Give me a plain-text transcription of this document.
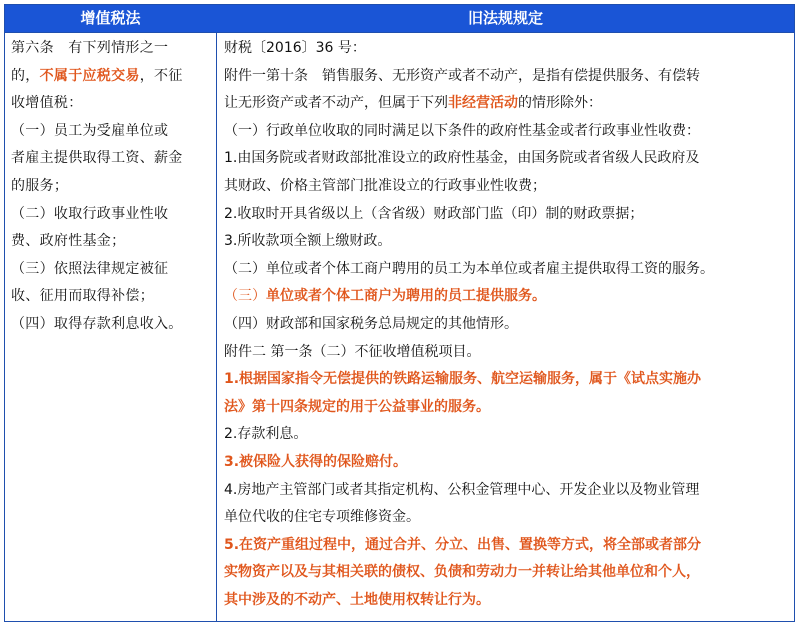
增值税法	旧法规规定
第六条　有下列情形之一
的，不属于应税交易，不征
收增值税：
（一）员工为受雇单位或
者雇主提供取得工资、薪金
的服务；
（二）收取行政事业性收
费、政府性基金；
（三）依照法律规定被征
收、征用而取得补偿；
（四）取得存款利息收入。
财税〔2016〕36 号：
附件一第十条　销售服务、无形资产或者不动产，是指有偿提供服务、有偿转
让无形资产或者不动产，但属于下列非经营活动的情形除外：
（一）行政单位收取的同时满足以下条件的政府性基金或者行政事业性收费：
1.由国务院或者财政部批准设立的政府性基金，由国务院或者省级人民政府及
其财政、价格主管部门批准设立的行政事业性收费；
2.收取时开具省级以上（含省级）财政部门监（印）制的财政票据；
3.所收款项全额上缴财政。
（二）单位或者个体工商户聘用的员工为本单位或者雇主提供取得工资的服务。
（三）单位或者个体工商户为聘用的员工提供服务。
（四）财政部和国家税务总局规定的其他情形。
附件二 第一条（二）不征收增值税项目。
1.根据国家指令无偿提供的铁路运输服务、航空运输服务，属于《试点实施办
法》第十四条规定的用于公益事业的服务。
2.存款利息。
3.被保险人获得的保险赔付。
4.房地产主管部门或者其指定机构、公积金管理中心、开发企业以及物业管理
单位代收的住宅专项维修资金。
5.在资产重组过程中，通过合并、分立、出售、置换等方式，将全部或者部分
实物资产以及与其相关联的债权、负债和劳动力一并转让给其他单位和个人，
其中涉及的不动产、土地使用权转让行为。
